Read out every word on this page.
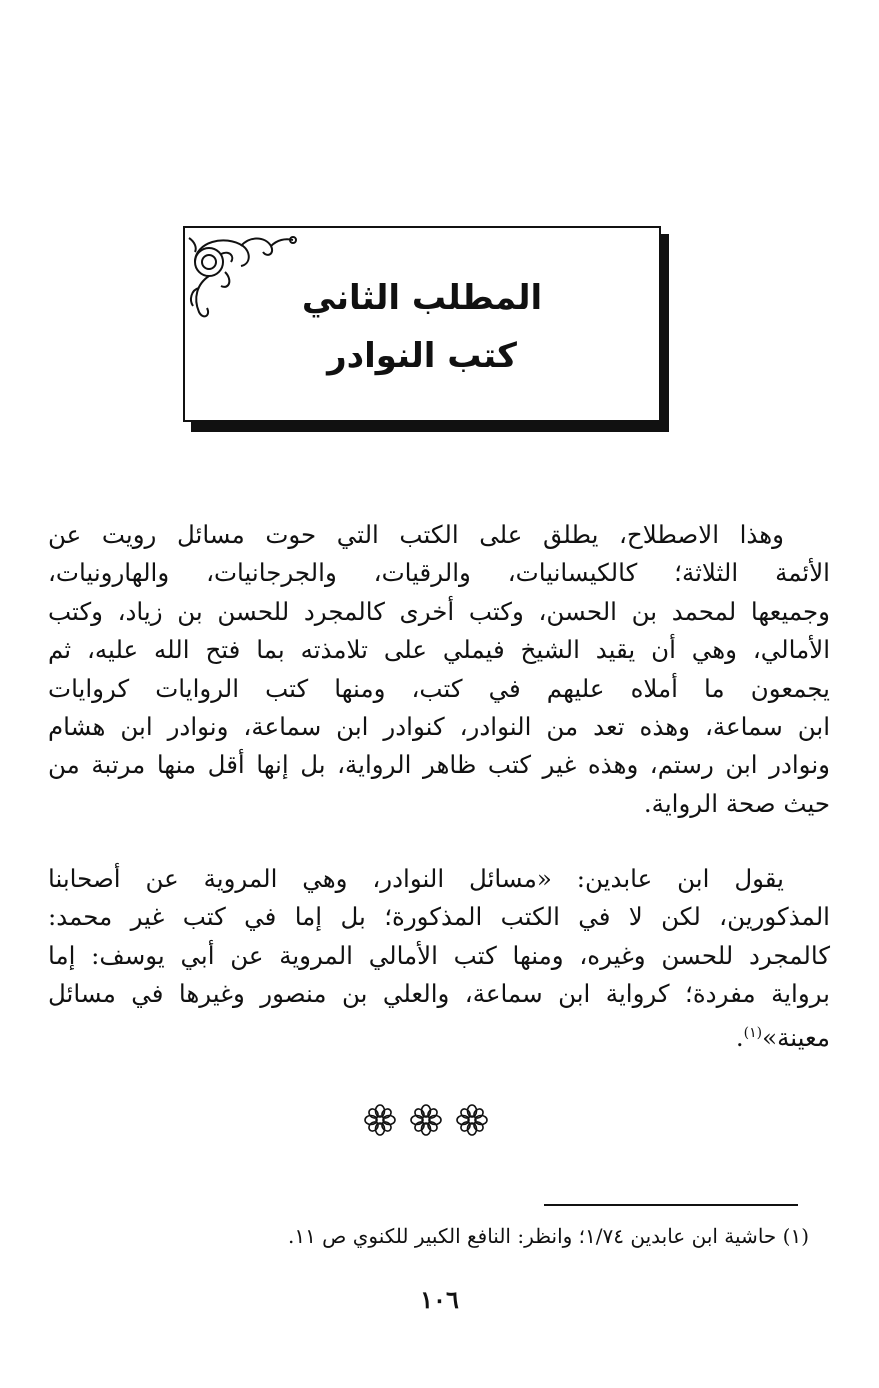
المطلب الثاني
كتب النوادر
وهذا الاصطلاح، يطلق على الكتب التي حوت مسائل رويت عن
الأئمة الثلاثة؛ كالكيسانيات، والرقيات، والجرجانيات، والهارونيات،
وجميعها لمحمد بن الحسن، وكتب أخرى كالمجرد للحسن بن زياد، وكتب
الأمالي، وهي أن يقيد الشيخ فيملي على تلامذته بما فتح الله عليه، ثم
يجمعون ما أملاه عليهم في كتب، ومنها كتب الروايات كروايات
ابن سماعة، وهذه تعد من النوادر، كنوادر ابن سماعة، ونوادر ابن هشام
ونوادر ابن رستم، وهذه غير كتب ظاهر الرواية، بل إنها أقل منها مرتبة من
حيث صحة الرواية.
يقول ابن عابدين: «مسائل النوادر، وهي المروية عن أصحابنا
المذكورين، لكن لا في الكتب المذكورة؛ بل إما في كتب غير محمد:
كالمجرد للحسن وغيره، ومنها كتب الأمالي المروية عن أبي يوسف: إما
برواية مفردة؛ كرواية ابن سماعة، والعلي بن منصور وغيرها في مسائل
معينة»$^{(١)}$.
(١) حاشية ابن عابدين ١/٧٤؛ وانظر: النافع الكبير للكنوي ص ١١.
١٠٦
